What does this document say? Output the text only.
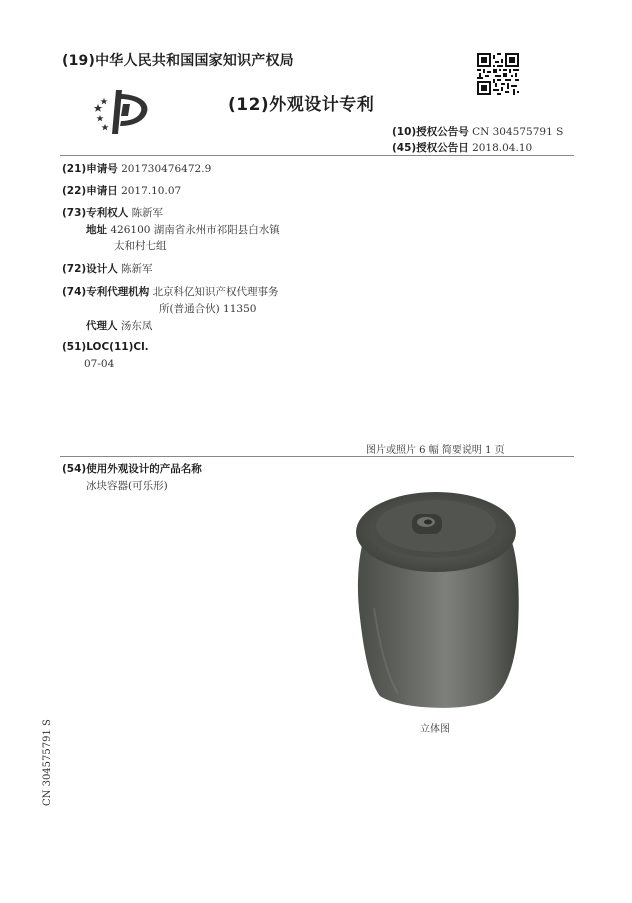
(19)中华人民共和国国家知识产权局
(12)外观设计专利
(10)授权公告号 CN 304575791 S
(45)授权公告日 2018.04.10
(21)申请号 201730476472.9
(22)申请日 2017.10.07
(73)专利权人 陈新军
地址 426100 湖南省永州市祁阳县白水镇
太和村七组
(72)设计人 陈新军
(74)专利代理机构 北京科亿知识产权代理事务
所(普通合伙) 11350
代理人 汤东凤
(51)LOC(11)Cl.
07-04
图片或照片 6 幅 简要说明 1 页
(54)使用外观设计的产品名称
冰块容器(可乐形)
立体图
CN 304575791 S
